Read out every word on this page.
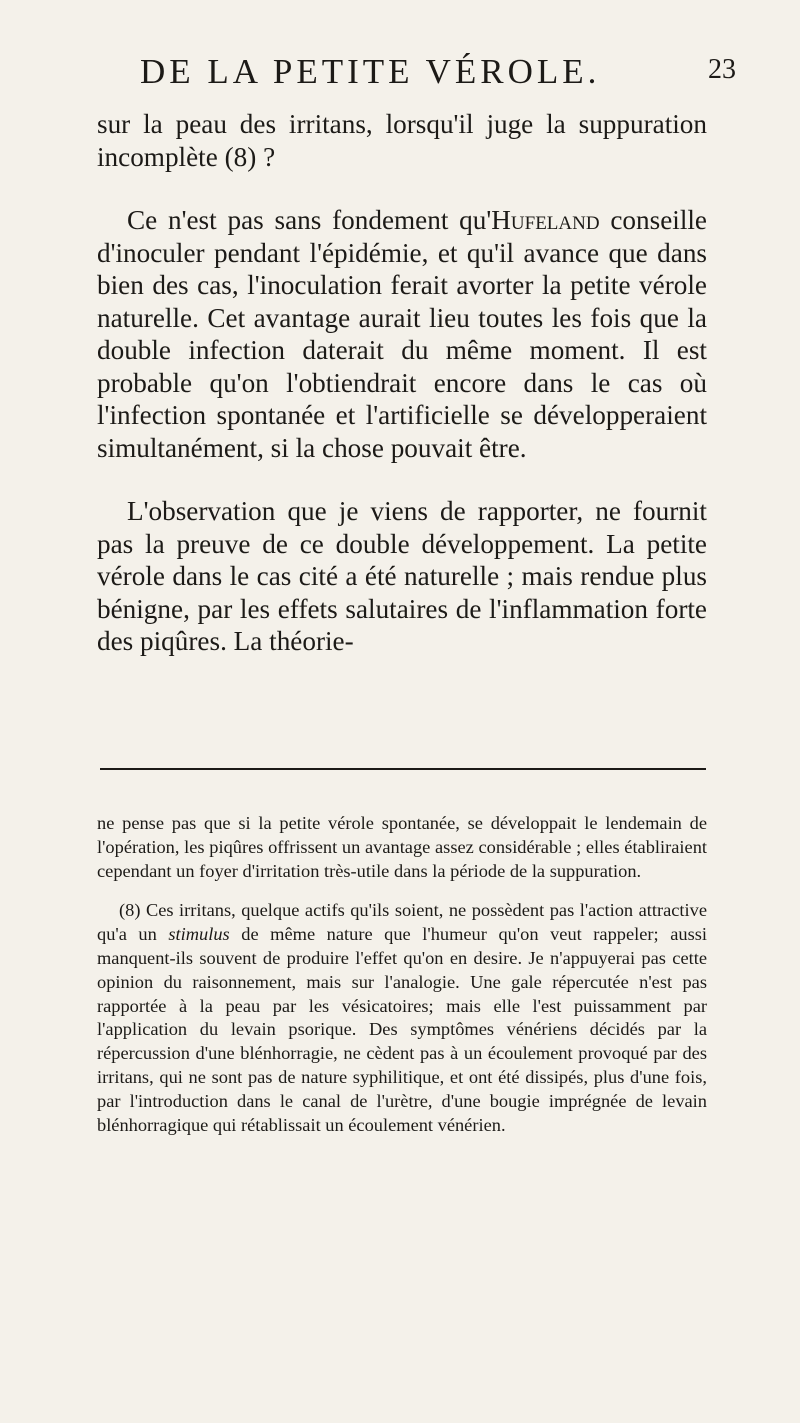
DE LA PETITE VÉROLE.	23

sur la peau des irritans, lorsqu'il juge la suppuration incomplète (8) ?

Ce n'est pas sans fondement qu'Hufeland conseille d'inoculer pendant l'épidémie, et qu'il avance que dans bien des cas, l'inoculation ferait avorter la petite vérole naturelle. Cet avantage aurait lieu toutes les fois que la double infection daterait du même moment. Il est probable qu'on l'obtiendrait encore dans le cas où l'infection spontanée et l'artificielle se développeraient simultanément, si la chose pouvait être.

L'observation que je viens de rapporter, ne fournit pas la preuve de ce double développement. La petite vérole dans le cas cité a été naturelle ; mais rendue plus bénigne, par les effets salutaires de l'inflammation forte des piqûres. La théorie-

ne pense pas que si la petite vérole spontanée, se développait le lendemain de l'opération, les piqûres offrissent un avantage assez considérable ; elles établiraient cependant un foyer d'irritation très-utile dans la période de la suppuration.

(8) Ces irritans, quelque actifs qu'ils soient, ne possèdent pas l'action attractive qu'a un stimulus de même nature que l'humeur qu'on veut rappeler; aussi manquent-ils souvent de produire l'effet qu'on en desire. Je n'appuyerai pas cette opinion du raisonnement, mais sur l'analogie. Une gale répercutée n'est pas rapportée à la peau par les vésicatoires; mais elle l'est puissamment par l'application du levain psorique. Des symptômes vénériens décidés par la répercussion d'une blénhorragie, ne cèdent pas à un écoulement provoqué par des irritans, qui ne sont pas de nature syphilitique, et ont été dissipés, plus d'une fois, par l'introduction dans le canal de l'urètre, d'une bougie imprégnée de levain blénhorragique qui rétablissait un écoulement vénérien.
